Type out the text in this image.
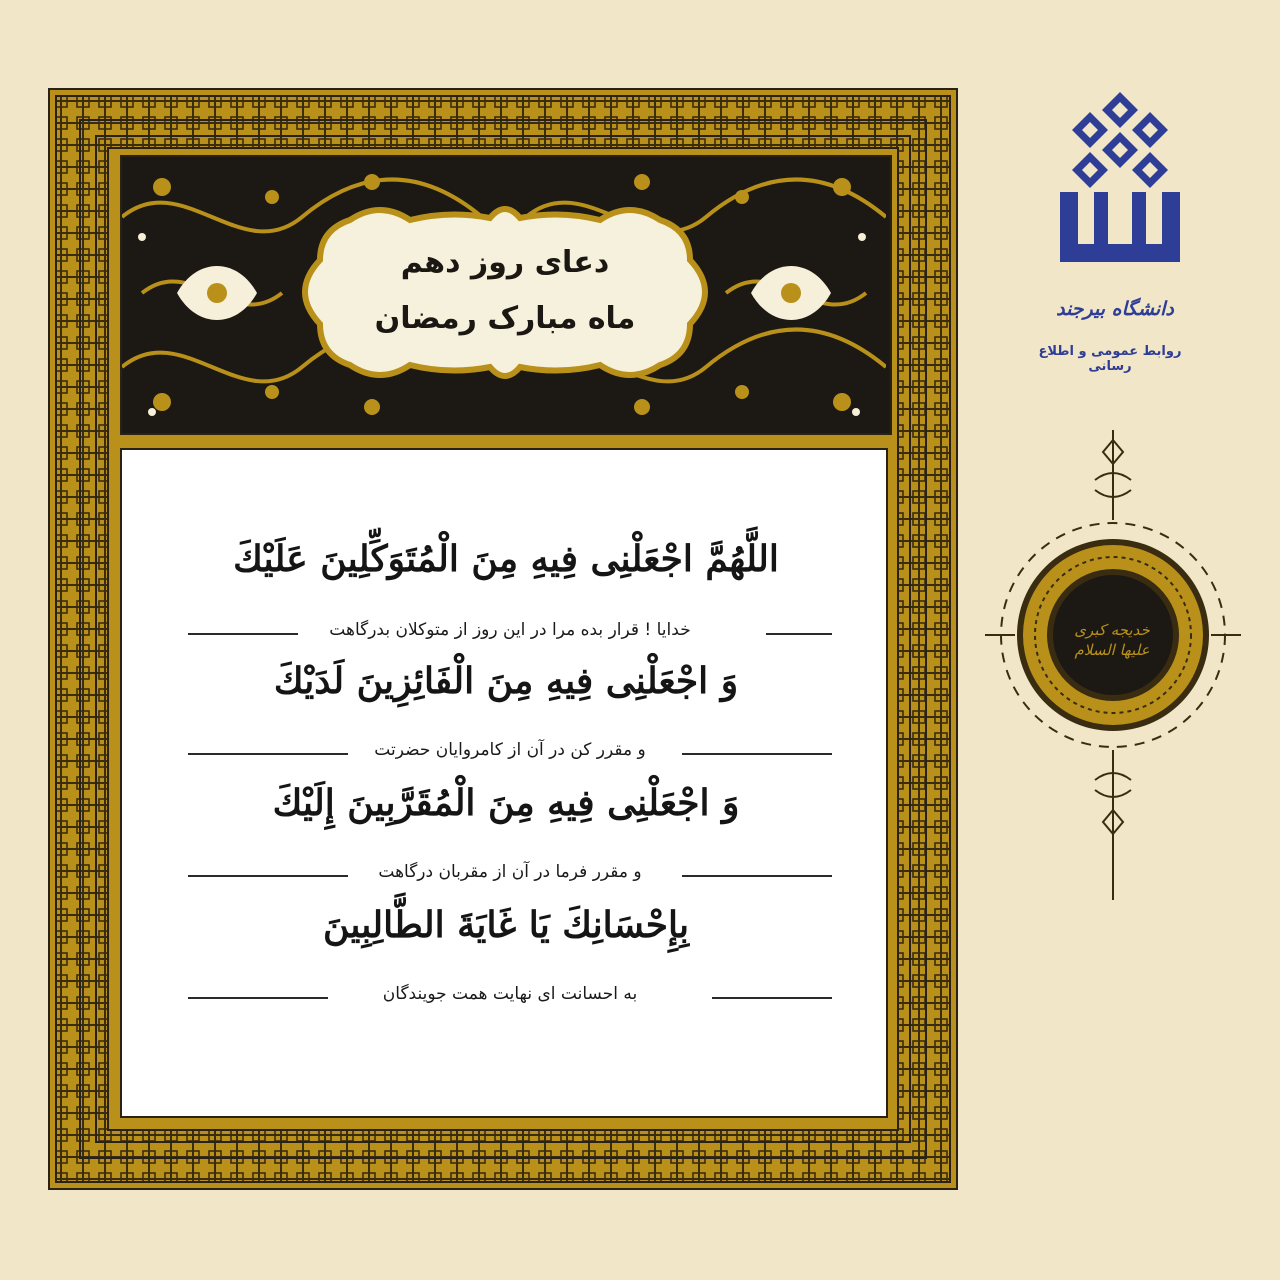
دعای روز دهم
ماه مبارک رمضان
اللَّهُمَّ اجْعَلْنِی فِیهِ مِنَ الْمُتَوَكِّلِینَ عَلَیْكَ
خدایا ! قرار بده مرا در این روز از متوکلان بدرگاهت
وَ اجْعَلْنِی فِیهِ مِنَ الْفَائِزِینَ لَدَیْكَ
و مقرر کن در آن از کامروایان حضرتت
وَ اجْعَلْنِی فِیهِ مِنَ الْمُقَرَّبِینَ إِلَیْكَ
و مقرر فرما در آن از مقربان درگاهت
بِإِحْسَانِكَ یَا غَایَةَ الطَّالِبِینَ
به احسانت ای نهایت همت جویندگان
دانشگاه بیرجند
روابط عمومی و اطلاع رسانی
خدیجه کبری علیها السلام
